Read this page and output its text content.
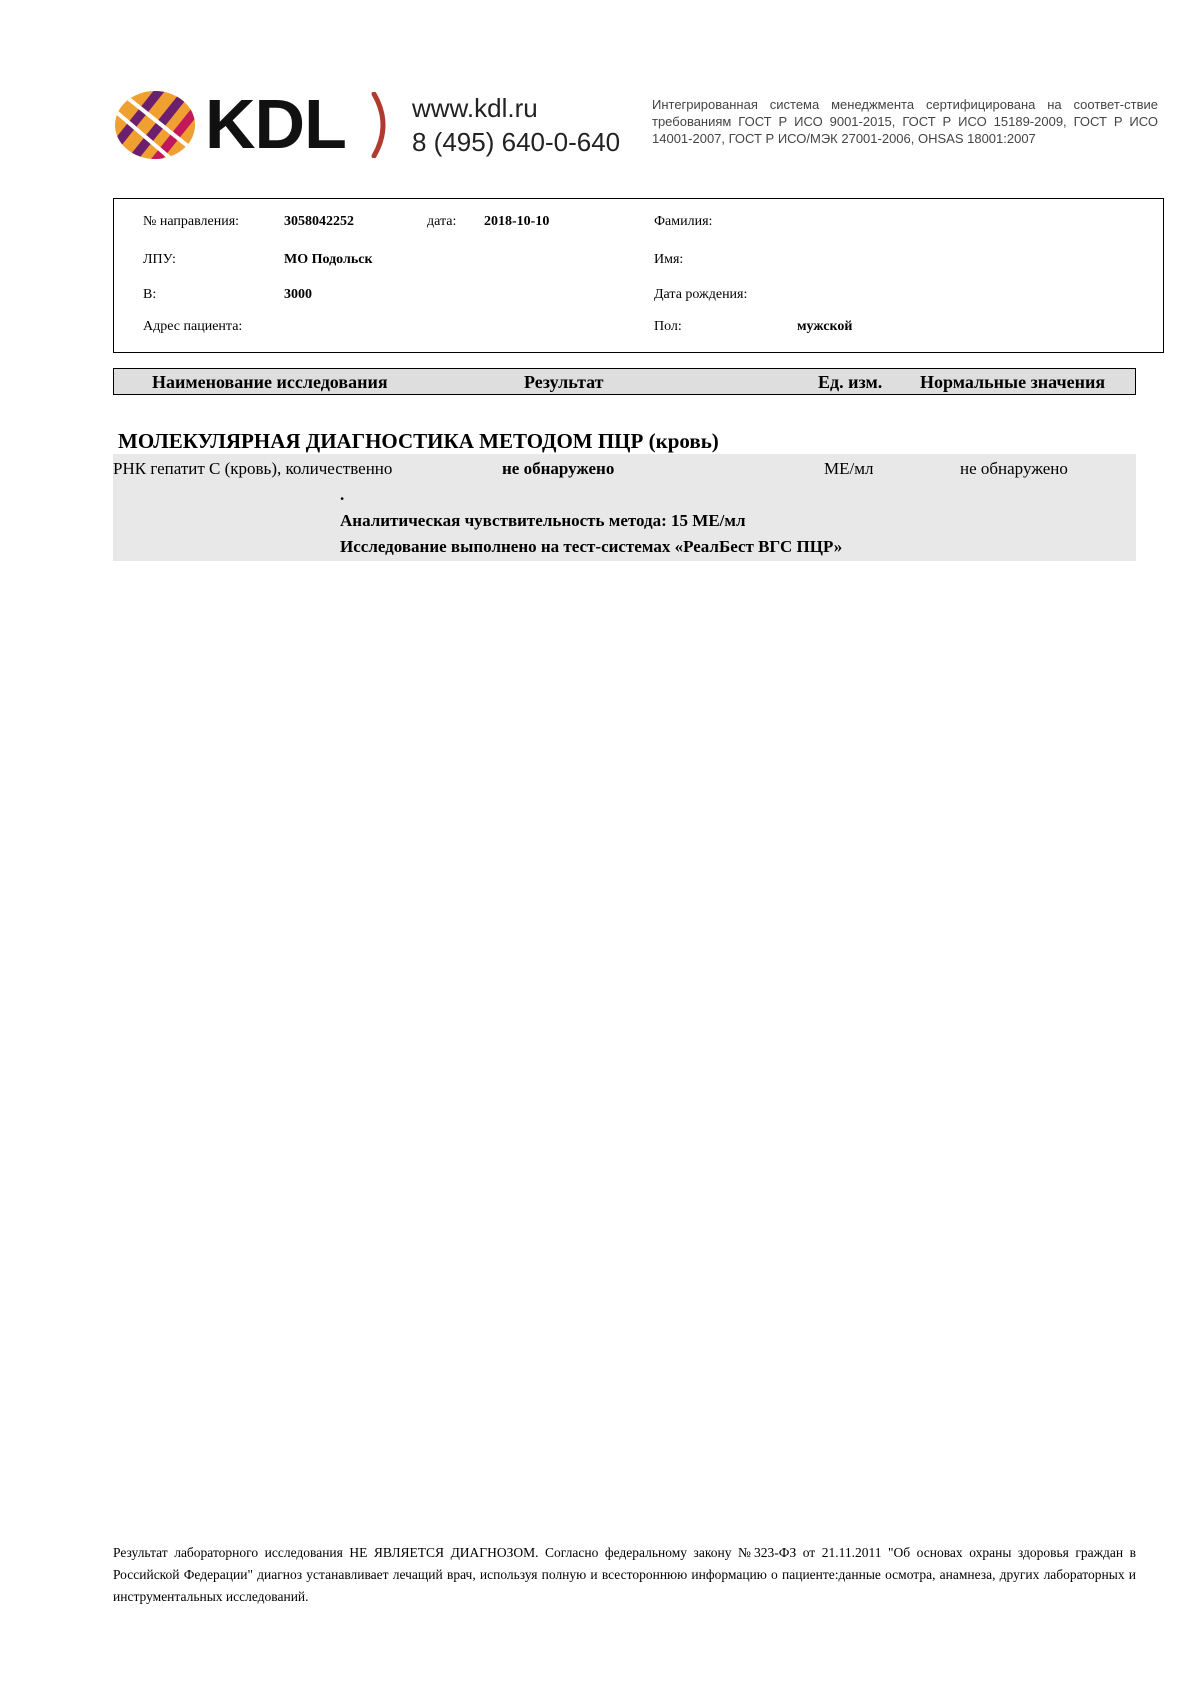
KDL	www.kdl.ru
8 (495) 640-0-640
Интегрированная система менеджмента сертифицирована на соответ-ствие требованиям ГОСТ Р ИСО 9001-2015, ГОСТ Р ИСО 15189-2009, ГОСТ Р ИСО 14001-2007, ГОСТ Р ИСО/МЭК 27001-2006, OHSAS 18001:2007
№ направления:	3058042252	дата: 2018-10-10	Фамилия:
ЛПУ:	МО Подольск	Имя:
В:	3000	Дата рождения:
Адрес пациента:	Пол:	мужской
Наименование исследования	Результат	Ед. изм. Нормальные значения
МОЛЕКУЛЯРНАЯ ДИАГНОСТИКА МЕТОДОМ ПЦР (кровь)
РНК гепатит С (кровь), количественно	не обнаружено	МЕ/мл	не обнаружено
.
Аналитическая чувствительность метода: 15 МЕ/мл
Исследование выполнено на тест-системах «РеалБест ВГС ПЦР»
Результат лабораторного исследования НЕ ЯВЛЯЕТСЯ ДИАГНОЗОМ. Согласно федеральному закону №323-ФЗ от 21.11.2011 "Об основах охраны здоровья граждан в Российской Федерации" диагноз устанавливает лечащий врач, используя полную и всестороннюю информацию о пациенте:данные осмотра, анамнеза, других лабораторных и инструментальных исследований.
